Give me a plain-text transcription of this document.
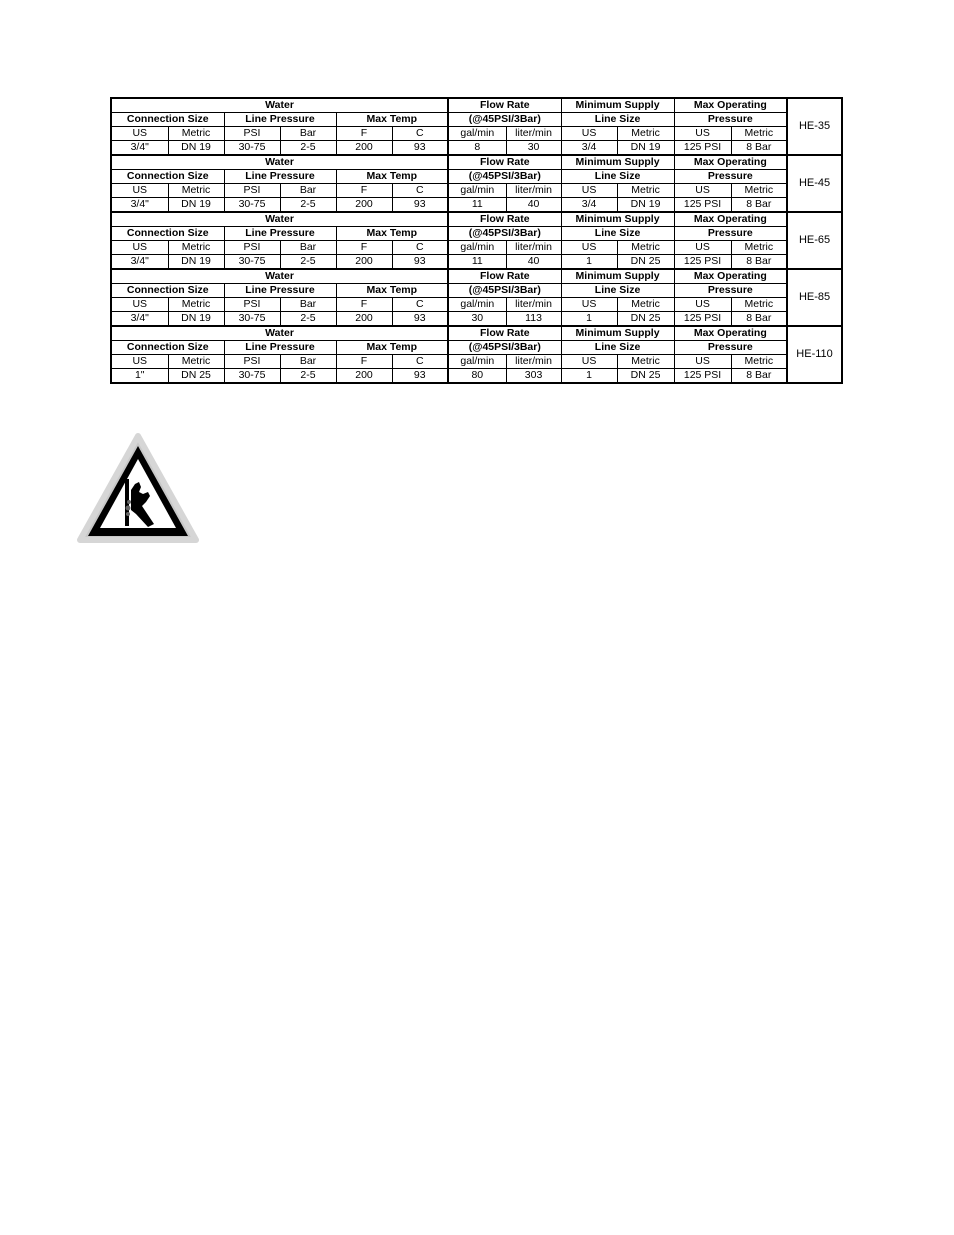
Water						Flow Rate		Minimum Supply		Max Operating		HE-35
Connection Size		Line Pressure		Max Temp		(@45PSI/3Bar)		Line Size		Pressure		
US	Metric	PSI	Bar	F	C	gal/min	liter/min	US	Metric	US	Metric	
3/4"	DN 19	30-75	2-5	200	93	8	30	3/4	DN 19	125 PSI	8 Bar	
Water						Flow Rate		Minimum Supply		Max Operating		HE-45
Connection Size		Line Pressure		Max Temp		(@45PSI/3Bar)		Line Size		Pressure		
US	Metric	PSI	Bar	F	C	gal/min	liter/min	US	Metric	US	Metric	
3/4"	DN 19	30-75	2-5	200	93	11	40	3/4	DN 19	125 PSI	8 Bar	
Water						Flow Rate		Minimum Supply		Max Operating		HE-65
Connection Size		Line Pressure		Max Temp		(@45PSI/3Bar)		Line Size		Pressure		
US	Metric	PSI	Bar	F	C	gal/min	liter/min	US	Metric	US	Metric	
3/4"	DN 19	30-75	2-5	200	93	11	40	1	DN 25	125 PSI	8 Bar	
Water						Flow Rate		Minimum Supply		Max Operating		HE-85
Connection Size		Line Pressure		Max Temp		(@45PSI/3Bar)		Line Size		Pressure		
US	Metric	PSI	Bar	F	C	gal/min	liter/min	US	Metric	US	Metric	
3/4"	DN 19	30-75	2-5	200	93	30	113	1	DN 25	125 PSI	8 Bar	
Water						Flow Rate		Minimum Supply		Max Operating		HE-110
Connection Size		Line Pressure		Max Temp		(@45PSI/3Bar)		Line Size		Pressure		
US	Metric	PSI	Bar	F	C	gal/min	liter/min	US	Metric	US	Metric	
1"	DN 25	30-75	2-5	200	93	80	303	1	DN 25	125 PSI	8 Bar	
